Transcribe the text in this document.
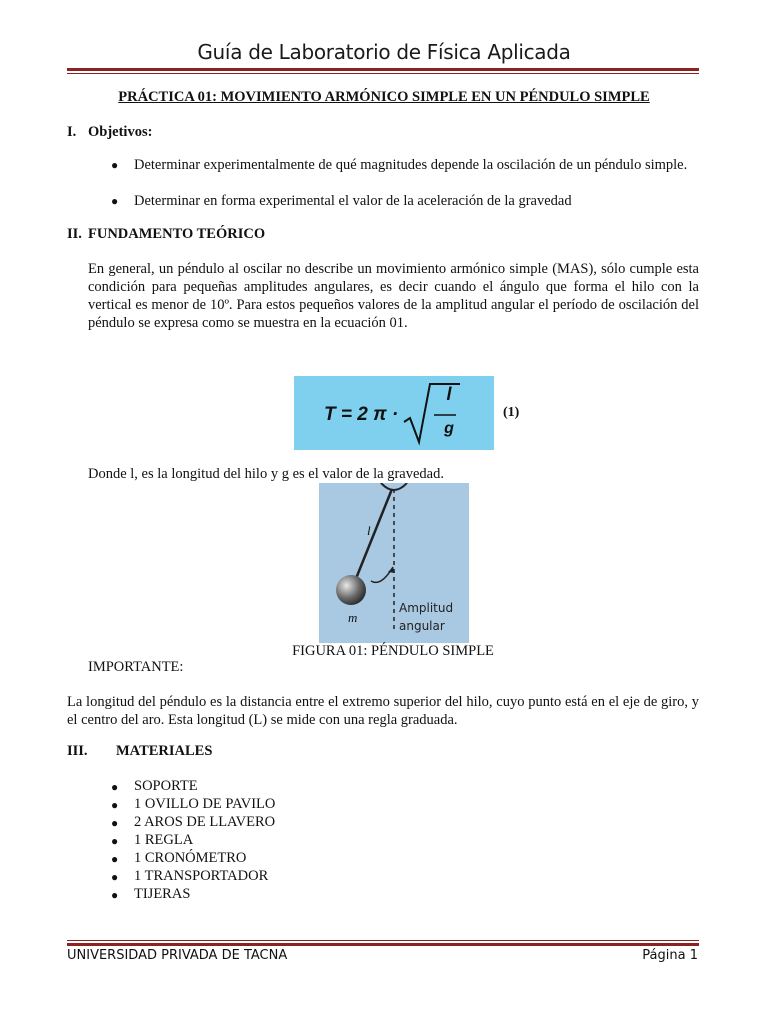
Guía de Laboratorio de Física Aplicada
PRÁCTICA 01: MOVIMIENTO ARMÓNICO SIMPLE EN UN PÉNDULO SIMPLE
I. Objetivos:
● Determinar experimentalmente de qué magnitudes depende la oscilación de un péndulo simple.
● Determinar en forma experimental el valor de la aceleración de la gravedad
II. FUNDAMENTO TEÓRICO
En general, un péndulo al oscilar no describe un movimiento armónico simple (MAS), sólo cumple esta condición para pequeñas amplitudes angulares, es decir cuando el ángulo que forma el hilo con la vertical es menor de 10º. Para estos pequeños valores de la amplitud angular el período de oscilación del péndulo se expresa como se muestra en la ecuación 01.
T = 2 π ·
l
g
(1)
Donde l, es la longitud del hilo y g es el valor de la gravedad.
l
m
Amplitud
angular
FIGURA 01: PÉNDULO SIMPLE
IMPORTANTE:
La longitud del péndulo es la distancia entre el extremo superior del hilo, cuyo punto está en el eje de giro, y el centro del aro. Esta longitud (L) se mide con una regla graduada.
III. MATERIALES
● SOPORTE
● 1 OVILLO DE PAVILO
● 2 AROS DE LLAVERO
● 1 REGLA
● 1 CRONÓMETRO
● 1 TRANSPORTADOR
● TIJERAS
UNIVERSIDAD PRIVADA DE TACNA	Página 1
